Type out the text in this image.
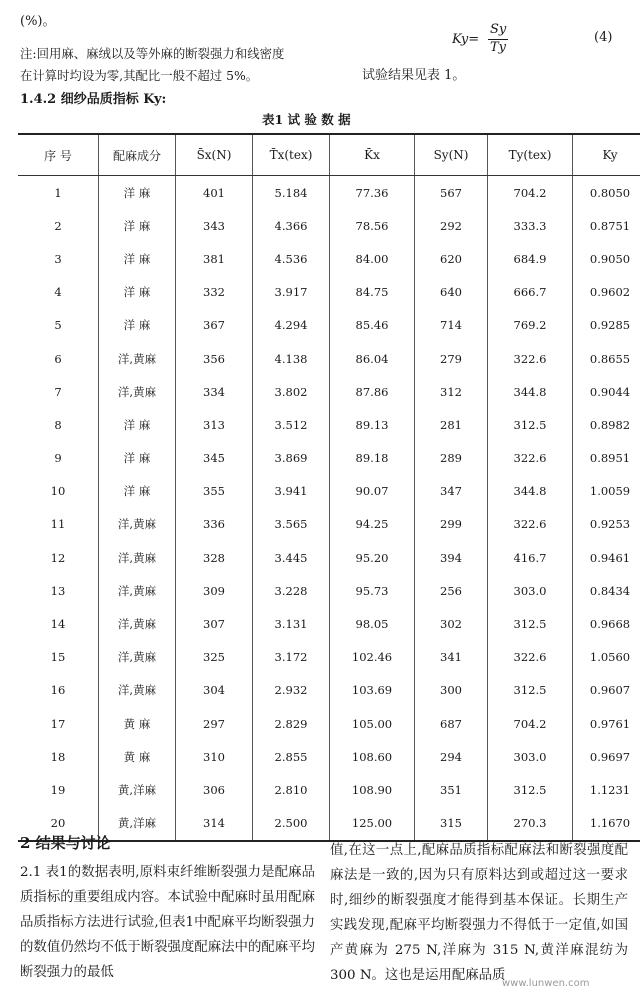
(%)。
注:回用麻、麻绒以及等外麻的断裂强力和线密度
在计算时均设为零,其配比一般不超过 5%。	试验结果见表 1。
Ky=
Sy
Ty
(4)
1.4.2 细纱品质指标 Ky:
表1 试 验 数 据
序 号	配麻成分	S̄x(N)	T̄x(tex)	K̄x	Sy(N)	Ty(tex)	Ky
1	洋 麻	401	5.184	77.36	567	704.2	0.8050
2	洋 麻	343	4.366	78.56	292	333.3	0.8751
3	洋 麻	381	4.536	84.00	620	684.9	0.9050
4	洋 麻	332	3.917	84.75	640	666.7	0.9602
5	洋 麻	367	4.294	85.46	714	769.2	0.9285
6	洋,黄麻	356	4.138	86.04	279	322.6	0.8655
7	洋,黄麻	334	3.802	87.86	312	344.8	0.9044
8	洋 麻	313	3.512	89.13	281	312.5	0.8982
9	洋 麻	345	3.869	89.18	289	322.6	0.8951
10	洋 麻	355	3.941	90.07	347	344.8	1.0059
11	洋,黄麻	336	3.565	94.25	299	322.6	0.9253
12	洋,黄麻	328	3.445	95.20	394	416.7	0.9461
13	洋,黄麻	309	3.228	95.73	256	303.0	0.8434
14	洋,黄麻	307	3.131	98.05	302	312.5	0.9668
15	洋,黄麻	325	3.172	102.46	341	322.6	1.0560
16	洋,黄麻	304	2.932	103.69	300	312.5	0.9607
17	黄 麻	297	2.829	105.00	687	704.2	0.9761
18	黄 麻	310	2.855	108.60	294	303.0	0.9697
19	黄,洋麻	306	2.810	108.90	351	312.5	1.1231
20	黄,洋麻	314	2.500	125.00	315	270.3	1.1670
2 结果与讨论
2.1 表1的数据表明,原料束纤维断裂强力是配麻品质指标的重要组成内容。本试验中配麻时虽用配麻品质指标方法进行试验,但表1中配麻平均断裂强力的数值仍然均不低于断裂强度配麻法中的配麻平均断裂强力的最低
值,在这一点上,配麻品质指标配麻法和断裂强度配麻法是一致的,因为只有原料达到或超过这一要求时,细纱的断裂强度才能得到基本保证。长期生产实践发现,配麻平均断裂强力不得低于一定值,如国产黄麻为 275 N,洋麻为 315 N,黄洋麻混纺为 300 N。这也是运用配麻品质
www.lunwen.com
